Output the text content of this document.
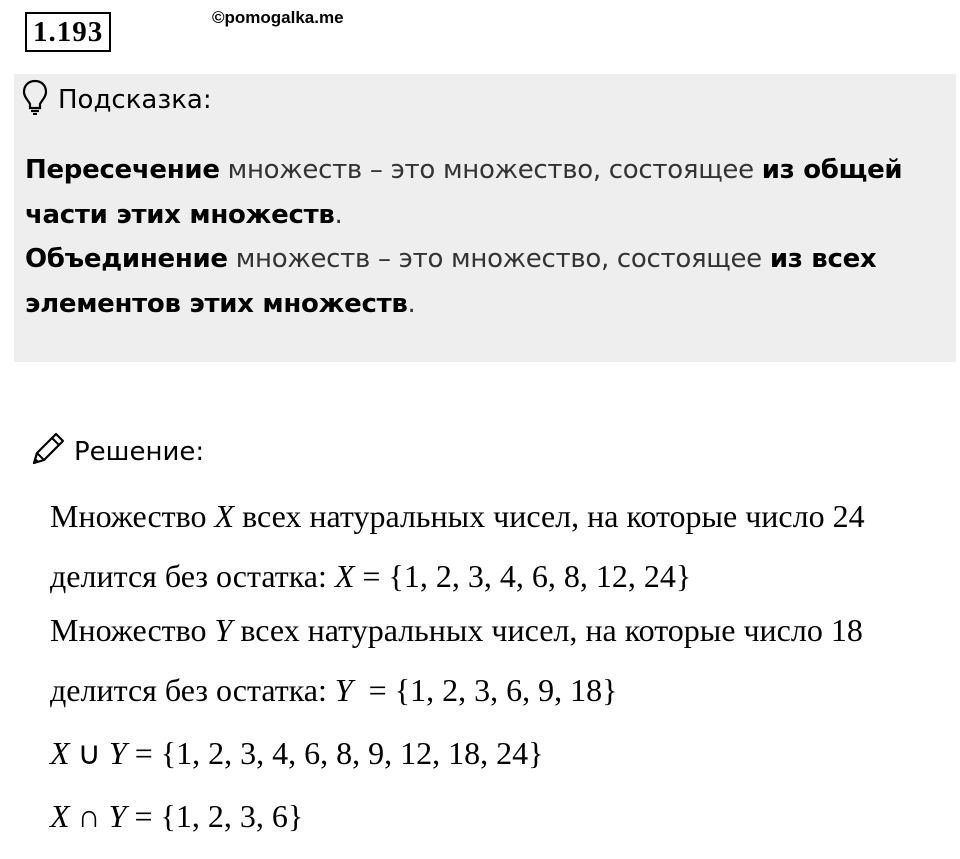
1.193	©pomogalka.me
Подсказка:

Пересечение множеств – это множество, состоящее из общей части этих множеств.

Объединение множеств – это множество, состоящее из всех элементов этих множеств.

Решение:
Множество X всех натуральных чисел, на которые число 24
делится без остатка: X = {1, 2, 3, 4, 6, 8, 12, 24}
Множество Y всех натуральных чисел, на которые число 18
делится без остатка: Y  = {1, 2, 3, 6, 9, 18}
X ∪ Y = {1, 2, 3, 4, 6, 8, 9, 12, 18, 24}
X ∩ Y = {1, 2, 3, 6}
